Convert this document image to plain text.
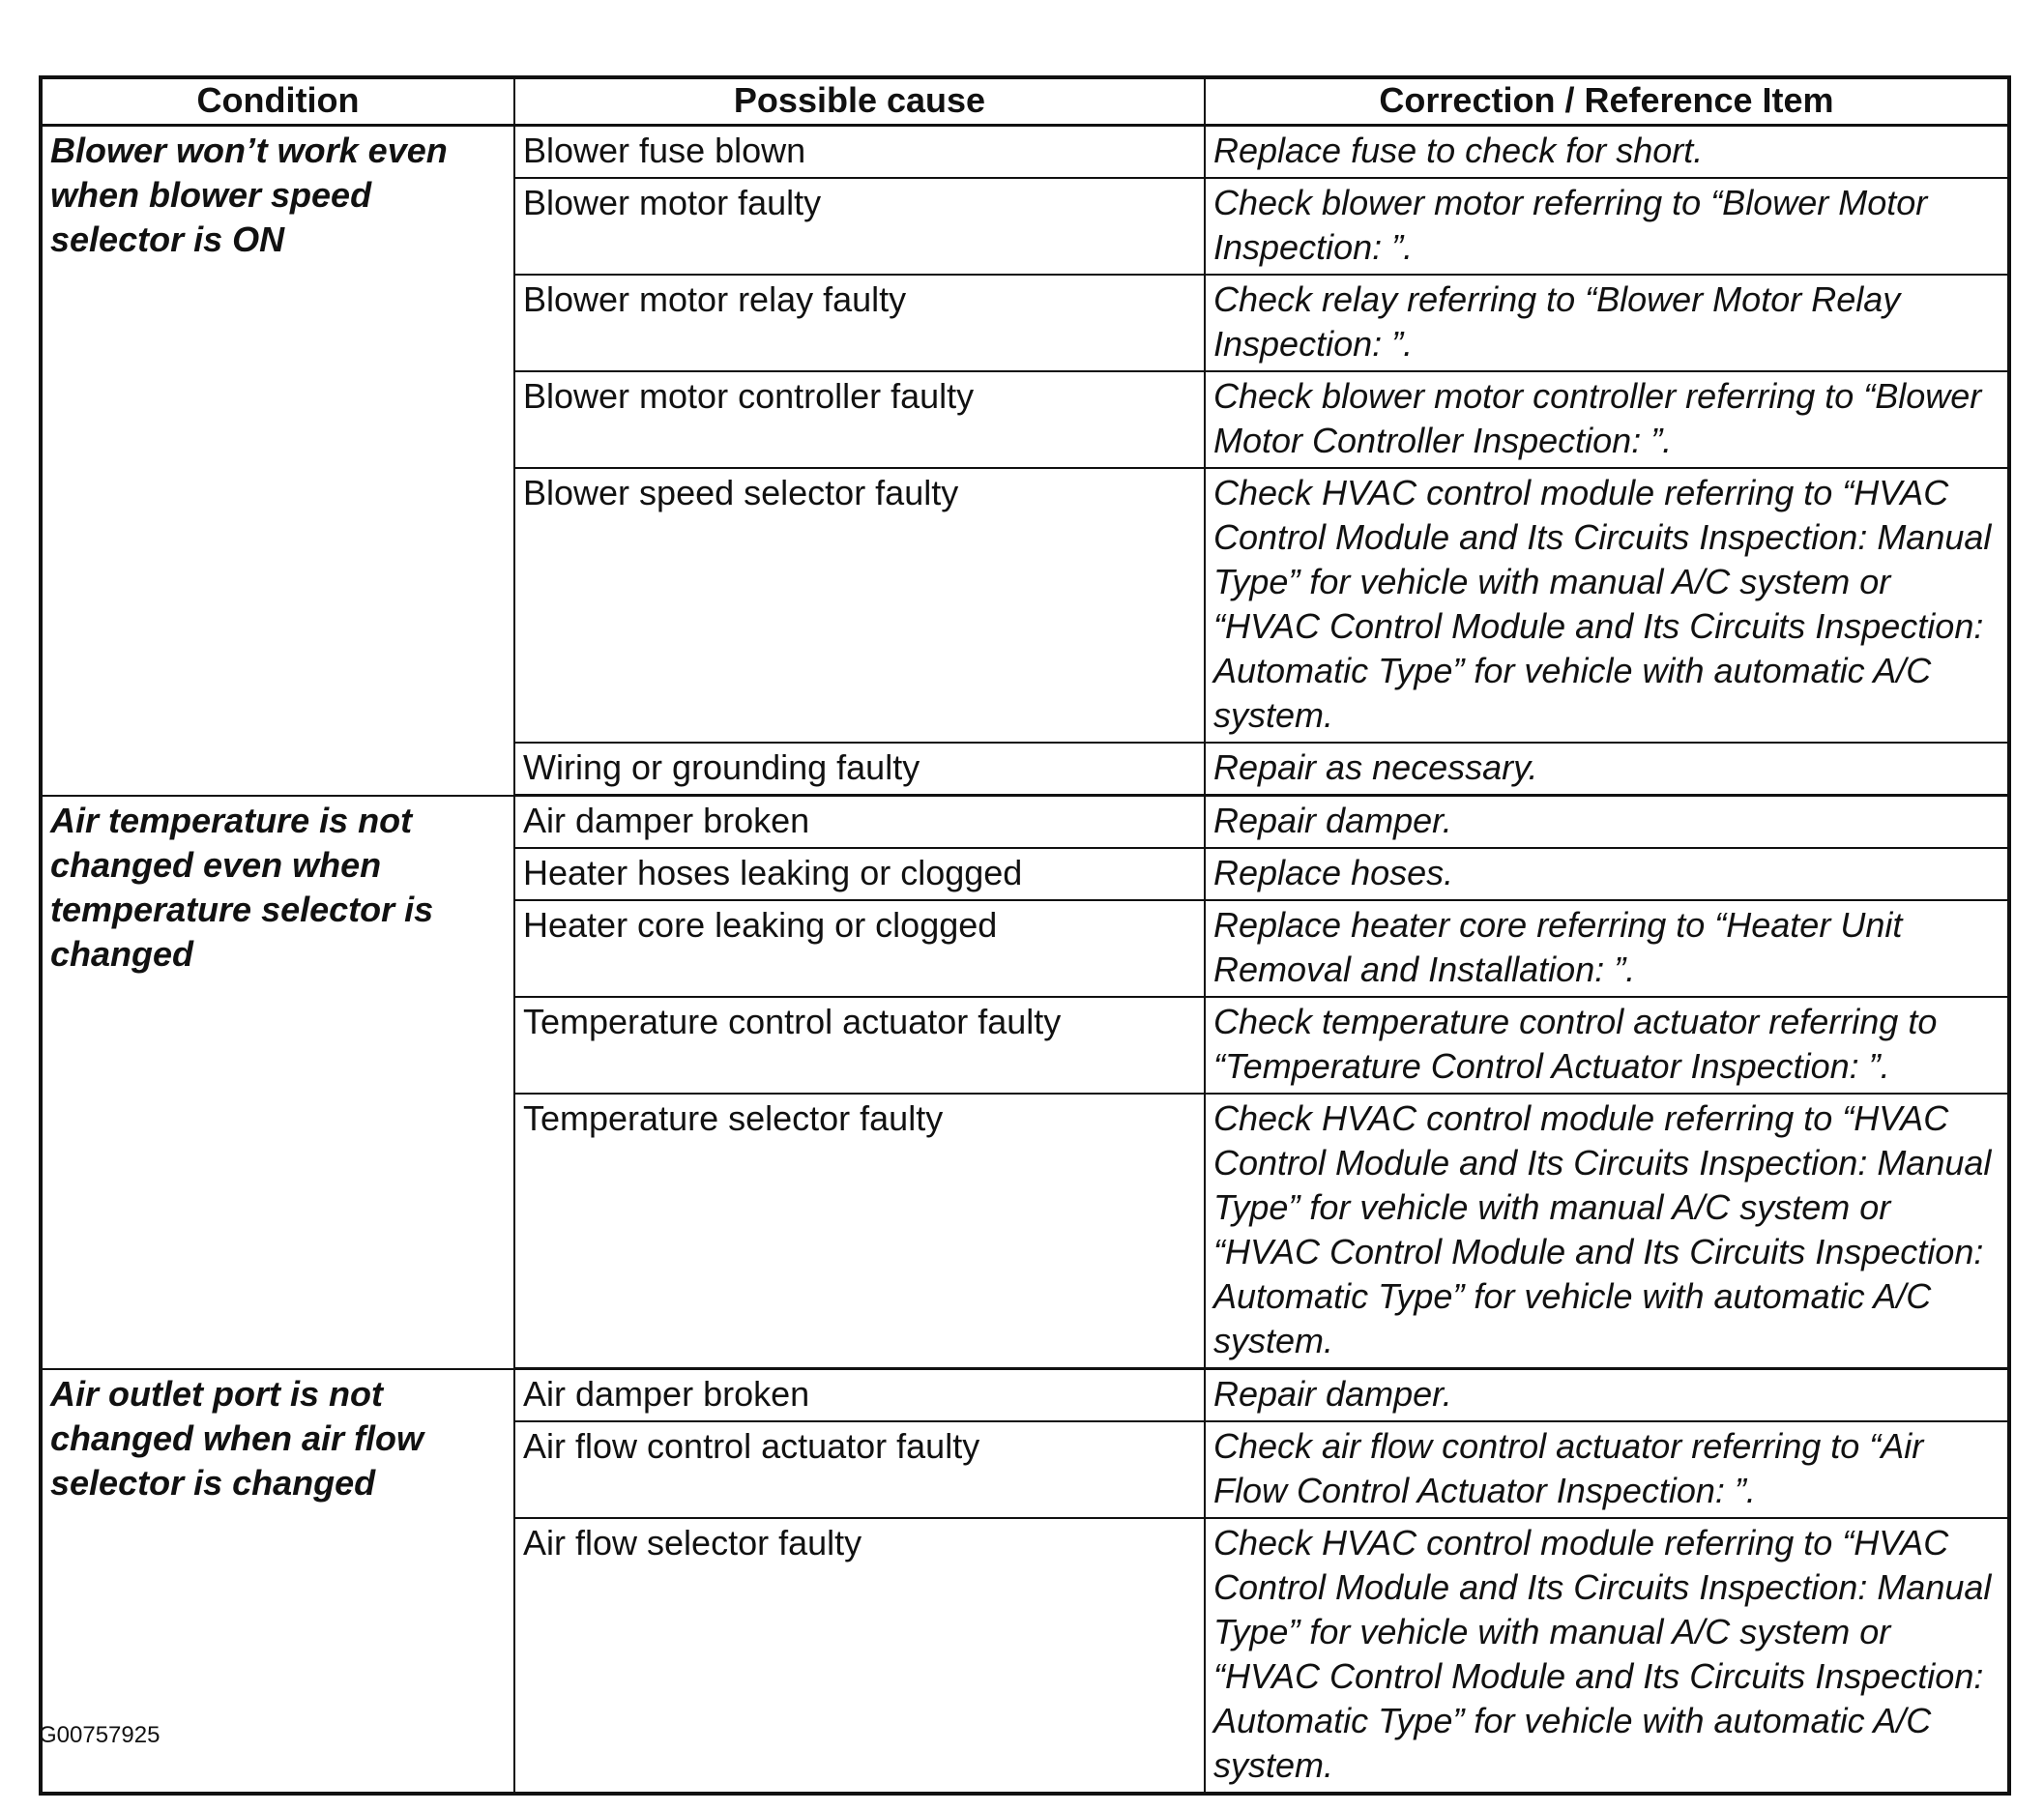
Condition	Possible cause	Correction / Reference Item
Blower won’t work even when blower speed selector is ON	Blower fuse blown	Replace fuse to check for short.
	Blower motor faulty	Check blower motor referring to “Blower Motor Inspection: ”.
	Blower motor relay faulty	Check relay referring to “Blower Motor Relay Inspection: ”.
	Blower motor controller faulty	Check blower motor controller referring to “Blower Motor Controller Inspection: ”.
	Blower speed selector faulty	Check HVAC control module referring to “HVAC Control Module and Its Circuits Inspection: Manual Type” for vehicle with manual A/C system or “HVAC Control Module and Its Circuits Inspection: Automatic Type” for vehicle with automatic A/C system.
	Wiring or grounding faulty	Repair as necessary.
Air temperature is not changed even when temperature selector is changed	Air damper broken	Repair damper.
	Heater hoses leaking or clogged	Replace hoses.
	Heater core leaking or clogged	Replace heater core referring to “Heater Unit Removal and Installation: ”.
	Temperature control actuator faulty	Check temperature control actuator referring to “Temperature Control Actuator Inspection: ”.
	Temperature selector faulty	Check HVAC control module referring to “HVAC Control Module and Its Circuits Inspection: Manual Type” for vehicle with manual A/C system or “HVAC Control Module and Its Circuits Inspection: Automatic Type” for vehicle with automatic A/C system.
Air outlet port is not changed when air flow selector is changed	Air damper broken	Repair damper.
	Air flow control actuator faulty	Check air flow control actuator referring to “Air Flow Control Actuator Inspection: ”.
	Air flow selector faulty	Check HVAC control module referring to “HVAC Control Module and Its Circuits Inspection: Manual Type” for vehicle with manual A/C system or “HVAC Control Module and Its Circuits Inspection: Automatic Type” for vehicle with automatic A/C system.
G00757925
